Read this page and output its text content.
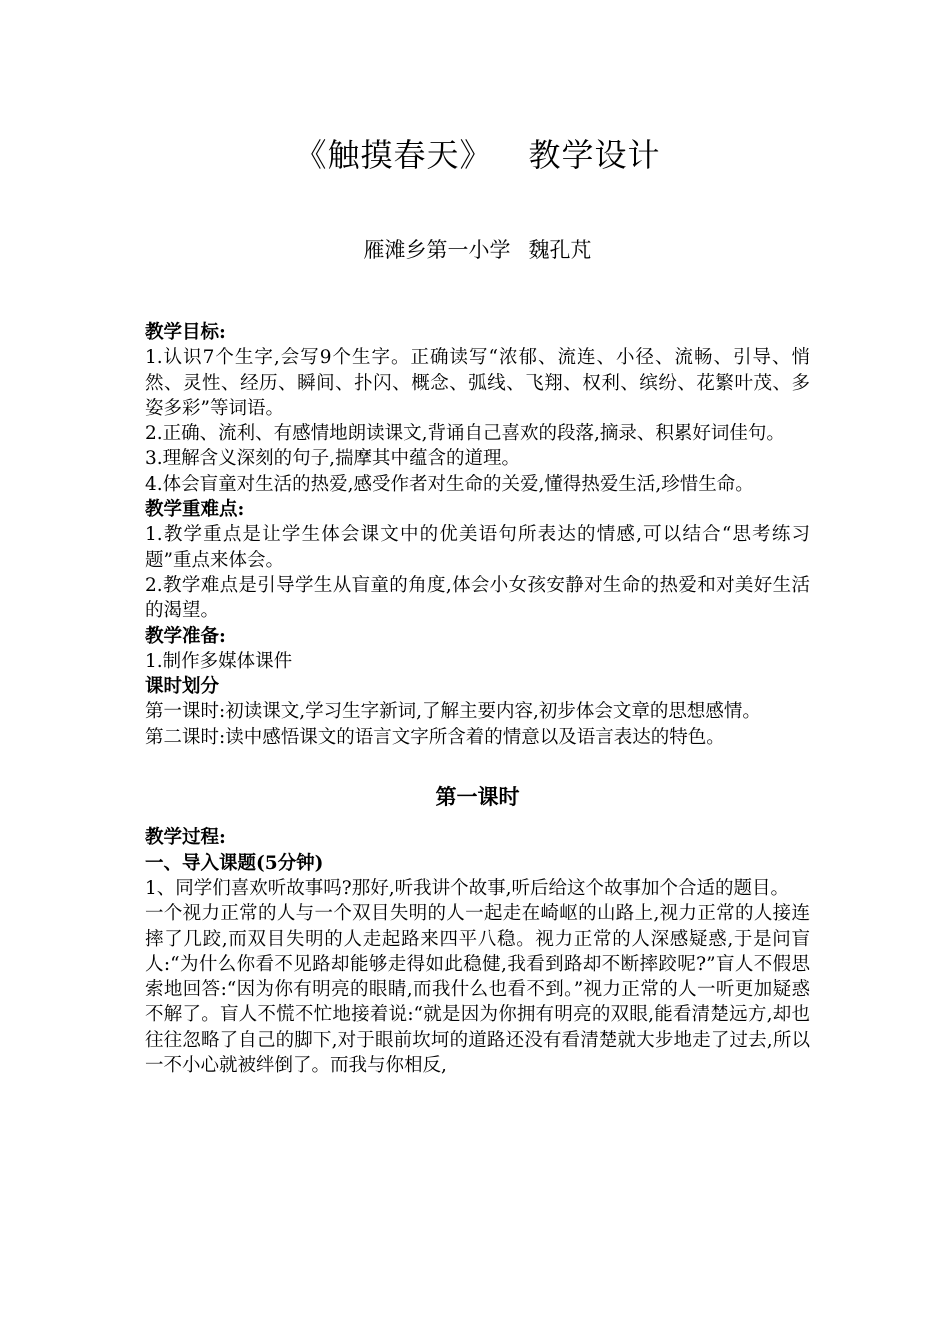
《触摸春天》 教学设计
雁滩乡第一小学 魏孔芃

教学目标:

1.认识7个生字,会写9个生字。正确读写“浓郁、流连、小径、流畅、引导、悄然、灵性、经历、瞬间、扑闪、概念、弧线、飞翔、权利、缤纷、花繁叶茂、多姿多彩”等词语。

2.正确、流利、有感情地朗读课文,背诵自己喜欢的段落,摘录、积累好词佳句。

3.理解含义深刻的句子,揣摩其中蕴含的道理。

4.体会盲童对生活的热爱,感受作者对生命的关爱,懂得热爱生活,珍惜生命。

教学重难点:

1.教学重点是让学生体会课文中的优美语句所表达的情感,可以结合“思考练习题”重点来体会。

2.教学难点是引导学生从盲童的角度,体会小女孩安静对生命的热爱和对美好生活的渴望。

教学准备:

1.制作多媒体课件

课时划分

第一课时:初读课文,学习生字新词,了解主要内容,初步体会文章的思想感情。

第二课时:读中感悟课文的语言文字所含着的情意以及语言表达的特色。

第一课时

教学过程:

一、导入课题(5分钟)

1、同学们喜欢听故事吗?那好,听我讲个故事,听后给这个故事加个合适的题目。

一个视力正常的人与一个双目失明的人一起走在崎岖的山路上,视力正常的人接连摔了几跤,而双目失明的人走起路来四平八稳。视力正常的人深感疑惑,于是问盲人:“为什么你看不见路却能够走得如此稳健,我看到路却不断摔跤呢?”盲人不假思索地回答:“因为你有明亮的眼睛,而我什么也看不到。”视力正常的人一听更加疑惑不解了。盲人不慌不忙地接着说:“就是因为你拥有明亮的双眼,能看清楚远方,却也往往忽略了自己的脚下,对于眼前坎坷的道路还没有看清楚就大步地走了过去,所以一不小心就被绊倒了。而我与你相反,
